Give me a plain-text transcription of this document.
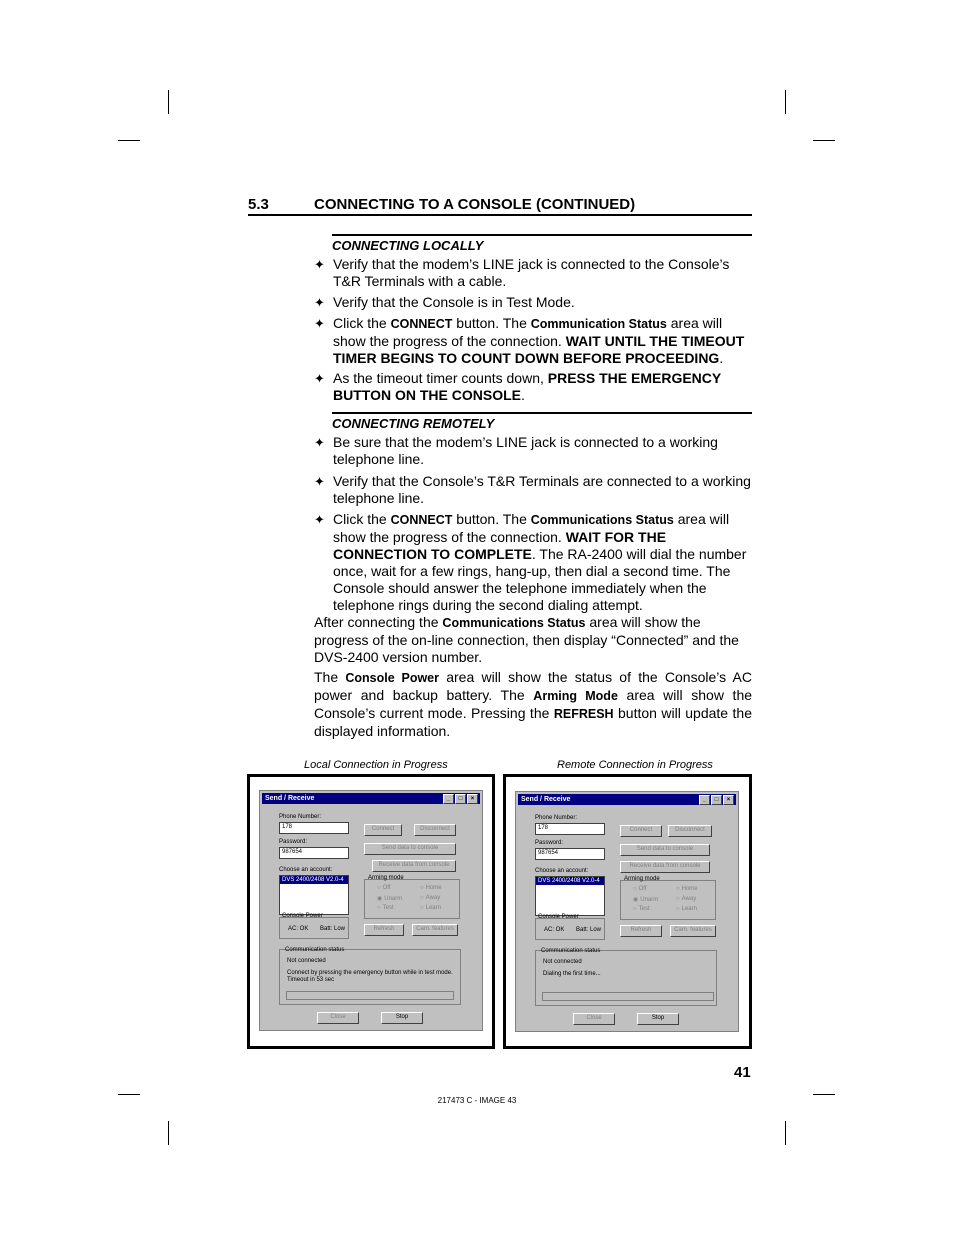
5.3	CONNECTING TO A CONSOLE (CONTINUED)
CONNECTING LOCALLY
✦ Verify that the modem’s LINE jack is connected to the Console’s T&R Terminals with a cable.
✦ Verify that the Console is in Test Mode.
✦ Click the CONNECT button. The Communication Status area will show the progress of the connection. WAIT UNTIL THE TIMEOUT TIMER BEGINS TO COUNT DOWN BEFORE PROCEEDING.
✦ As the timeout timer counts down, PRESS THE EMERGENCY BUTTON ON THE CONSOLE.
CONNECTING REMOTELY
✦ Be sure that the modem’s LINE jack is connected to a working telephone line.
✦ Verify that the Console’s T&R Terminals are connected to a working telephone line.
✦ Click the CONNECT button. The Communications Status area will show the progress of the connection. WAIT FOR THE CONNECTION TO COMPLETE. The RA-2400 will dial the number once, wait for a few rings, hang-up, then dial a second time. The Console should answer the telephone immediately when the telephone rings during the second dialing attempt.
After connecting the Communications Status area will show the progress of the on-line connection, then display “Connected” and the DVS-2400 version number.
The Console Power area will show the status of the Console’s AC power and backup battery. The Arming Mode area will show the Console’s current mode. Pressing the REFRESH button will update the displayed information.
Local Connection in Progress	Remote Connection in Progress
Send / Receive	_	□	×
Phone Number:
178
Password:
987654
Choose an account:
DVS 2400/2408 V2.0-4
Connect	Disconnect
Send data to console
Receive data from console
Arming mode
○ Off	○ Home
◉ Unarm	○ Away
○ Test	○ Learn
Console Power
AC: OK Batt: Low	Refresh	Cam. features
Communication status
Not connected
Connect by pressing the emergency button while in test mode.
Timeout in 53 sec
Close	Stop
Send / Receive	_	□	×
Phone Number:
178
Password:
987654
Choose an account:
DVS 2400/2408 V2.0-4
Connect	Disconnect
Send data to console
Receive data from console
Arming mode
○ Off	○ Home
◉ Unarm	○ Away
○ Test	○ Learn
Console Power
AC: OK Batt: Low	Refresh	Cam. features
Communication status
Not connected
Dialing the first time...
Close	Stop
41
217473 C - IMAGE 43
